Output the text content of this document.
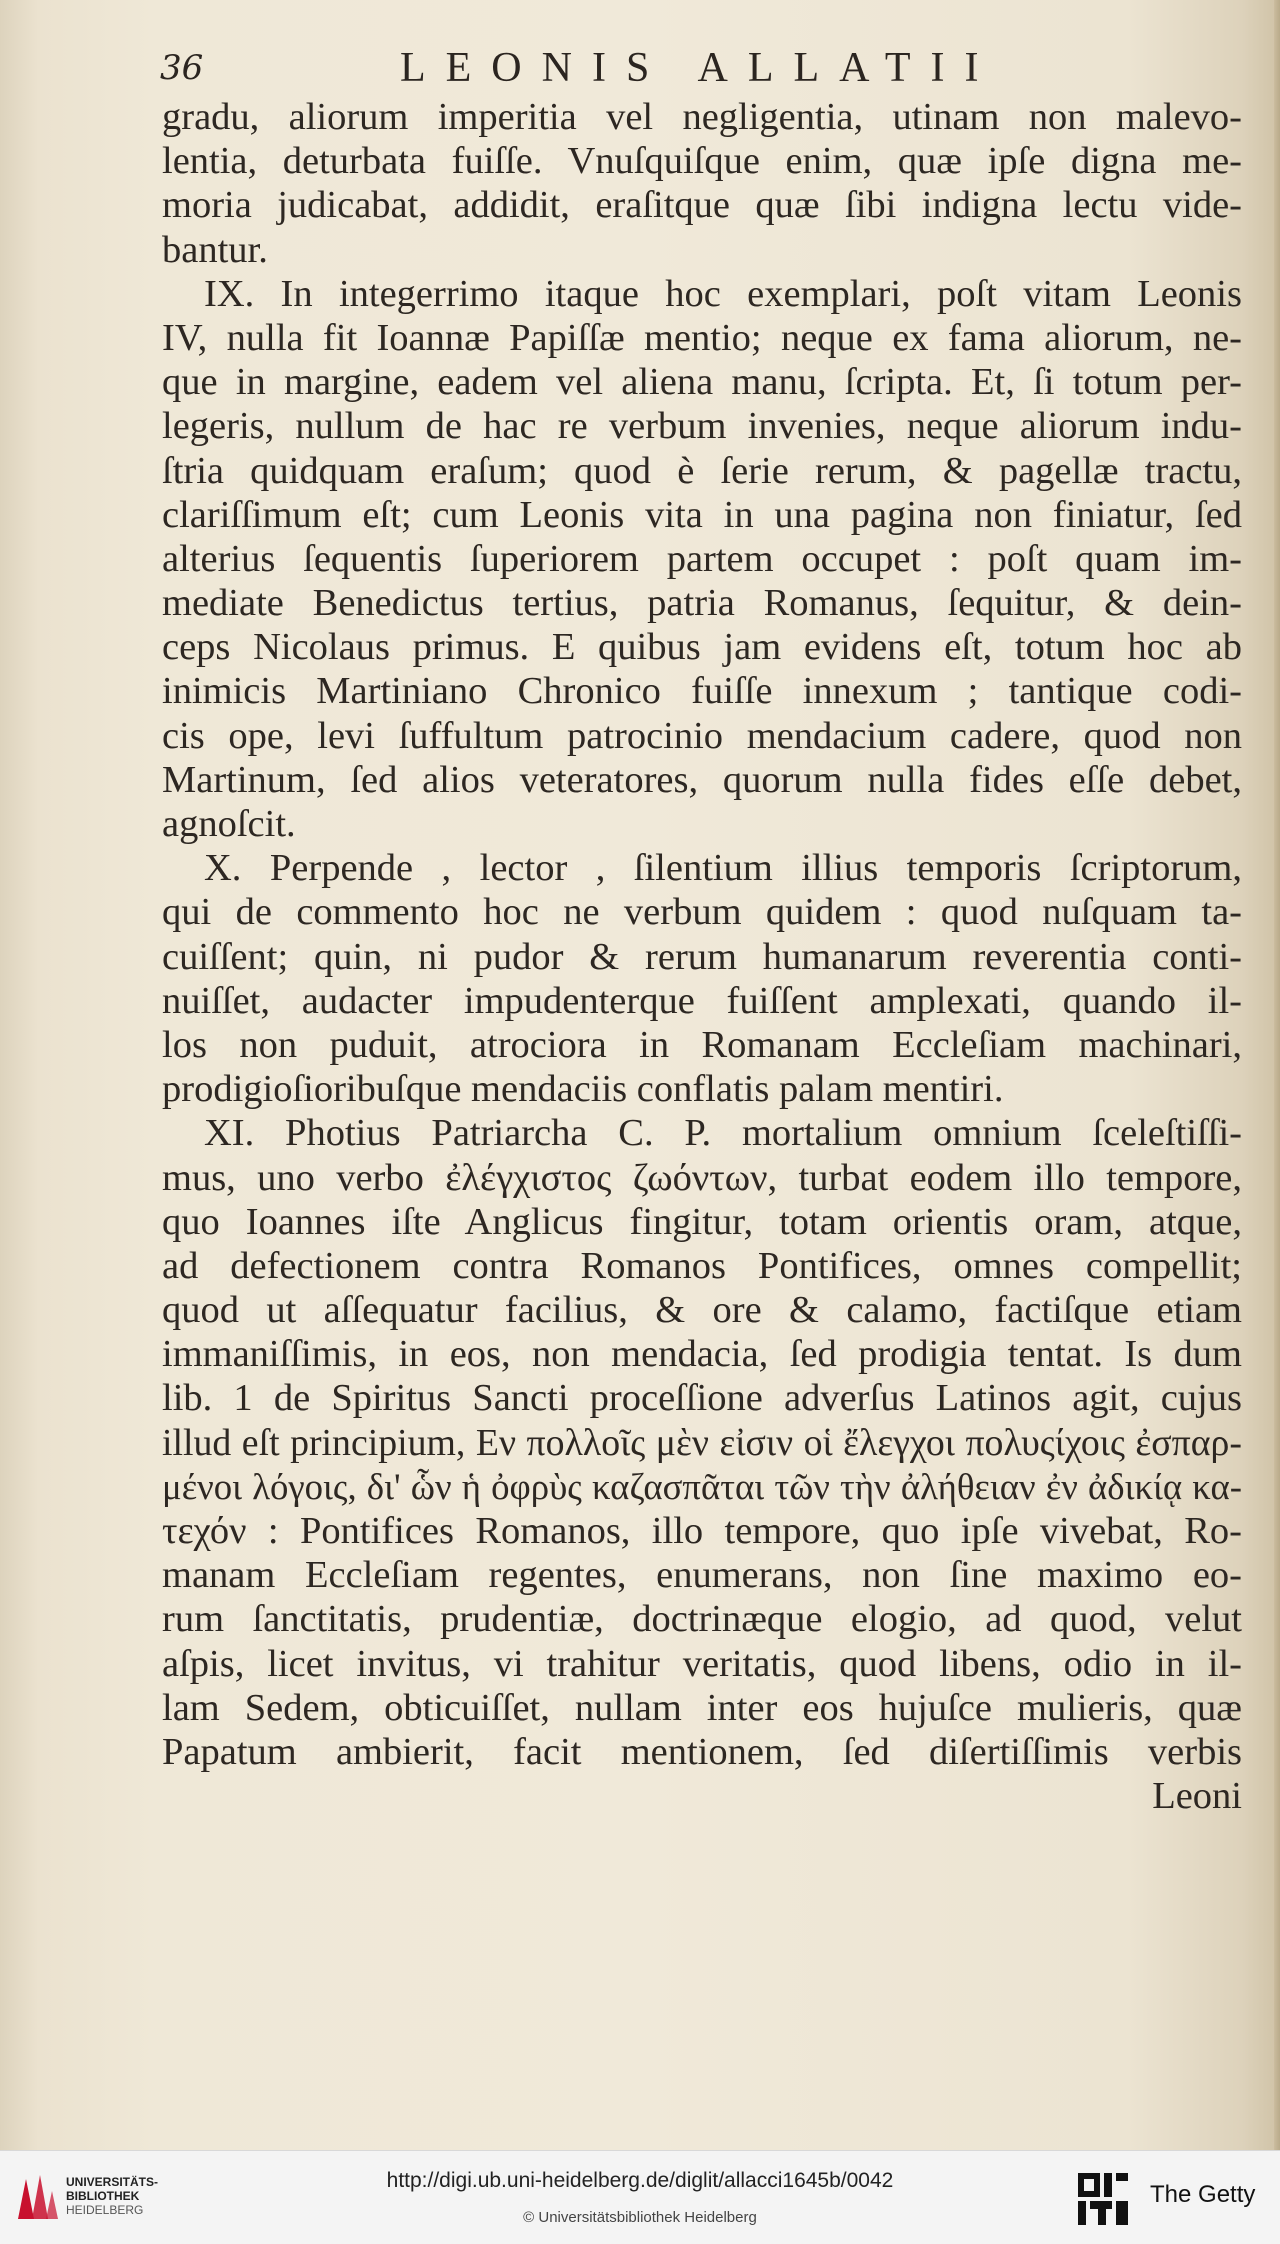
36	LEONIS ALLATII
gradu, aliorum imperitia vel negligentia, utinam non malevo-
lentia, deturbata fuiſſe. Vnuſquiſque enim, quæ ipſe digna me-
moria judicabat, addidit, eraſitque quæ ſibi indigna lectu vide-
bantur.
IX. In integerrimo itaque hoc exemplari, poſt vitam Leonis
IV, nulla fit Ioannæ Papiſſæ mentio; neque ex fama aliorum, ne-
que in margine, eadem vel aliena manu, ſcripta. Et, ſi totum per-
legeris, nullum de hac re verbum invenies, neque aliorum indu-
ſtria quidquam eraſum; quod è ſerie rerum, & pagellæ tractu,
clariſſimum eſt; cum Leonis vita in una pagina non finiatur, ſed
alterius ſequentis ſuperiorem partem occupet : poſt quam im-
mediate Benedictus tertius, patria Romanus, ſequitur, & dein-
ceps Nicolaus primus. E quibus jam evidens eſt, totum hoc ab
inimicis Martiniano Chronico fuiſſe innexum ; tantique codi-
cis ope, levi ſuffultum patrocinio mendacium cadere, quod non
Martinum, ſed alios veteratores, quorum nulla fides eſſe debet,
agnoſcit.
X. Perpende , lector , ſilentium illius temporis ſcriptorum,
qui de commento hoc ne verbum quidem : quod nuſquam ta-
cuiſſent; quin, ni pudor & rerum humanarum reverentia conti-
nuiſſet, audacter impudenterque fuiſſent amplexati, quando il-
los non puduit, atrociora in Romanam Eccleſiam machinari,
prodigioſioribuſque mendaciis conflatis palam mentiri.
XI. Photius Patriarcha C. P. mortalium omnium ſceleſtiſſi-
mus, uno verbo ἐλέγχιστος ζωόντων, turbat eodem illo tempore,
quo Ioannes iſte Anglicus fingitur, totam orientis oram, atque,
ad defectionem contra Romanos Pontifices, omnes compellit;
quod ut aſſequatur facilius, & ore & calamo, factiſque etiam
immaniſſimis, in eos, non mendacia, ſed prodigia tentat. Is dum
lib. 1 de Spiritus Sancti proceſſione adverſus Latinos agit, cujus
illud eſt principium, Εν πολλοῖς μὲν εἰσιν οἱ ἔλεγχοι πολυςίχοις ἐσπαρ-
μένοι λόγοις, δι' ὧν ἡ ὀφρὺς καζασπᾶται τῶν τὴν ἀλήθειαν ἐν ἀδικίᾳ κα-
τεχόν : Pontifices Romanos, illo tempore, quo ipſe vivebat, Ro-
manam Eccleſiam regentes, enumerans, non ſine maximo eo-
rum ſanctitatis, prudentiæ, doctrinæque elogio, ad quod, velut
aſpis, licet invitus, vi trahitur veritatis, quod libens, odio in il-
lam Sedem, obticuiſſet, nullam inter eos hujuſce mulieris, quæ
Papatum ambierit, facit mentionem, ſed diſertiſſimis verbis
Leoni
UNIVERSITÄTS-
BIBLIOTHEK
HEIDELBERG
http://digi.ub.uni-heidelberg.de/diglit/allacci1645b/0042
© Universitätsbibliothek Heidelberg
The Getty
